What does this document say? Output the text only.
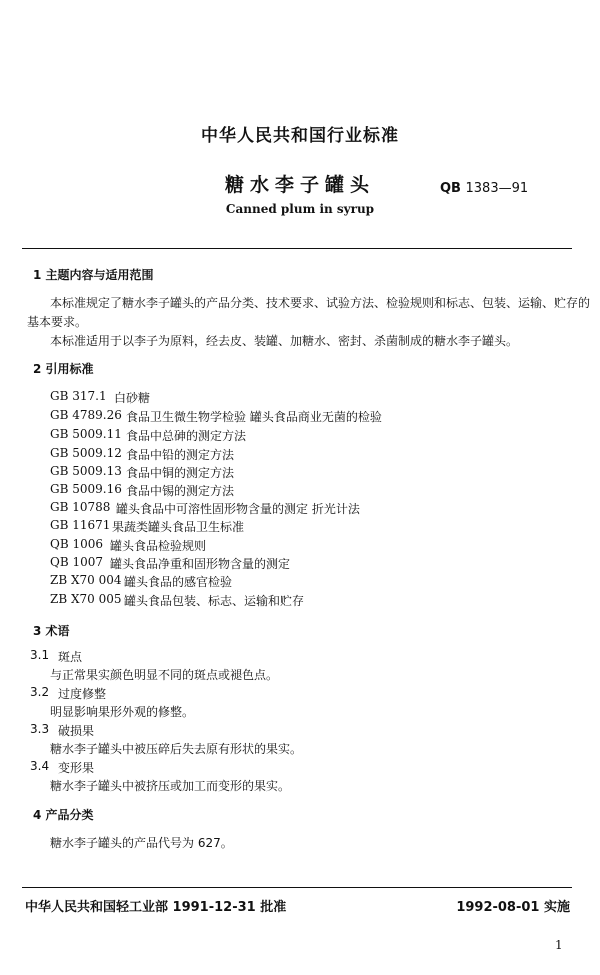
中华人民共和国行业标准
糖水李子罐头	QB 1383—91
Canned plum in syrup
1 主题内容与适用范围
本标准规定了糖水李子罐头的产品分类、技术要求、试验方法、检验规则和标志、包装、运输、贮存的
基本要求。
本标准适用于以李子为原料，经去皮、装罐、加糖水、密封、杀菌制成的糖水李子罐头。
2 引用标准
GB 317.1 白砂糖
GB 4789.26 食品卫生微生物学检验 罐头食品商业无菌的检验
GB 5009.11 食品中总砷的测定方法
GB 5009.12 食品中铅的测定方法
GB 5009.13 食品中铜的测定方法
GB 5009.16 食品中锡的测定方法
GB 10788 罐头食品中可溶性固形物含量的测定 折光计法
GB 11671 果蔬类罐头食品卫生标准
QB 1006 罐头食品检验规则
QB 1007 罐头食品净重和固形物含量的测定
ZB X70 004 罐头食品的感官检验
ZB X70 005 罐头食品包装、标志、运输和贮存
3 术语
3.1 斑点
与正常果实颜色明显不同的斑点或褪色点。
3.2 过度修整
明显影响果形外观的修整。
3.3 破损果
糖水李子罐头中被压碎后失去原有形状的果实。
3.4 变形果
糖水李子罐头中被挤压或加工而变形的果实。
4 产品分类
糖水李子罐头的产品代号为 627。
中华人民共和国轻工业部 1991-12-31 批准	1992-08-01 实施
1
